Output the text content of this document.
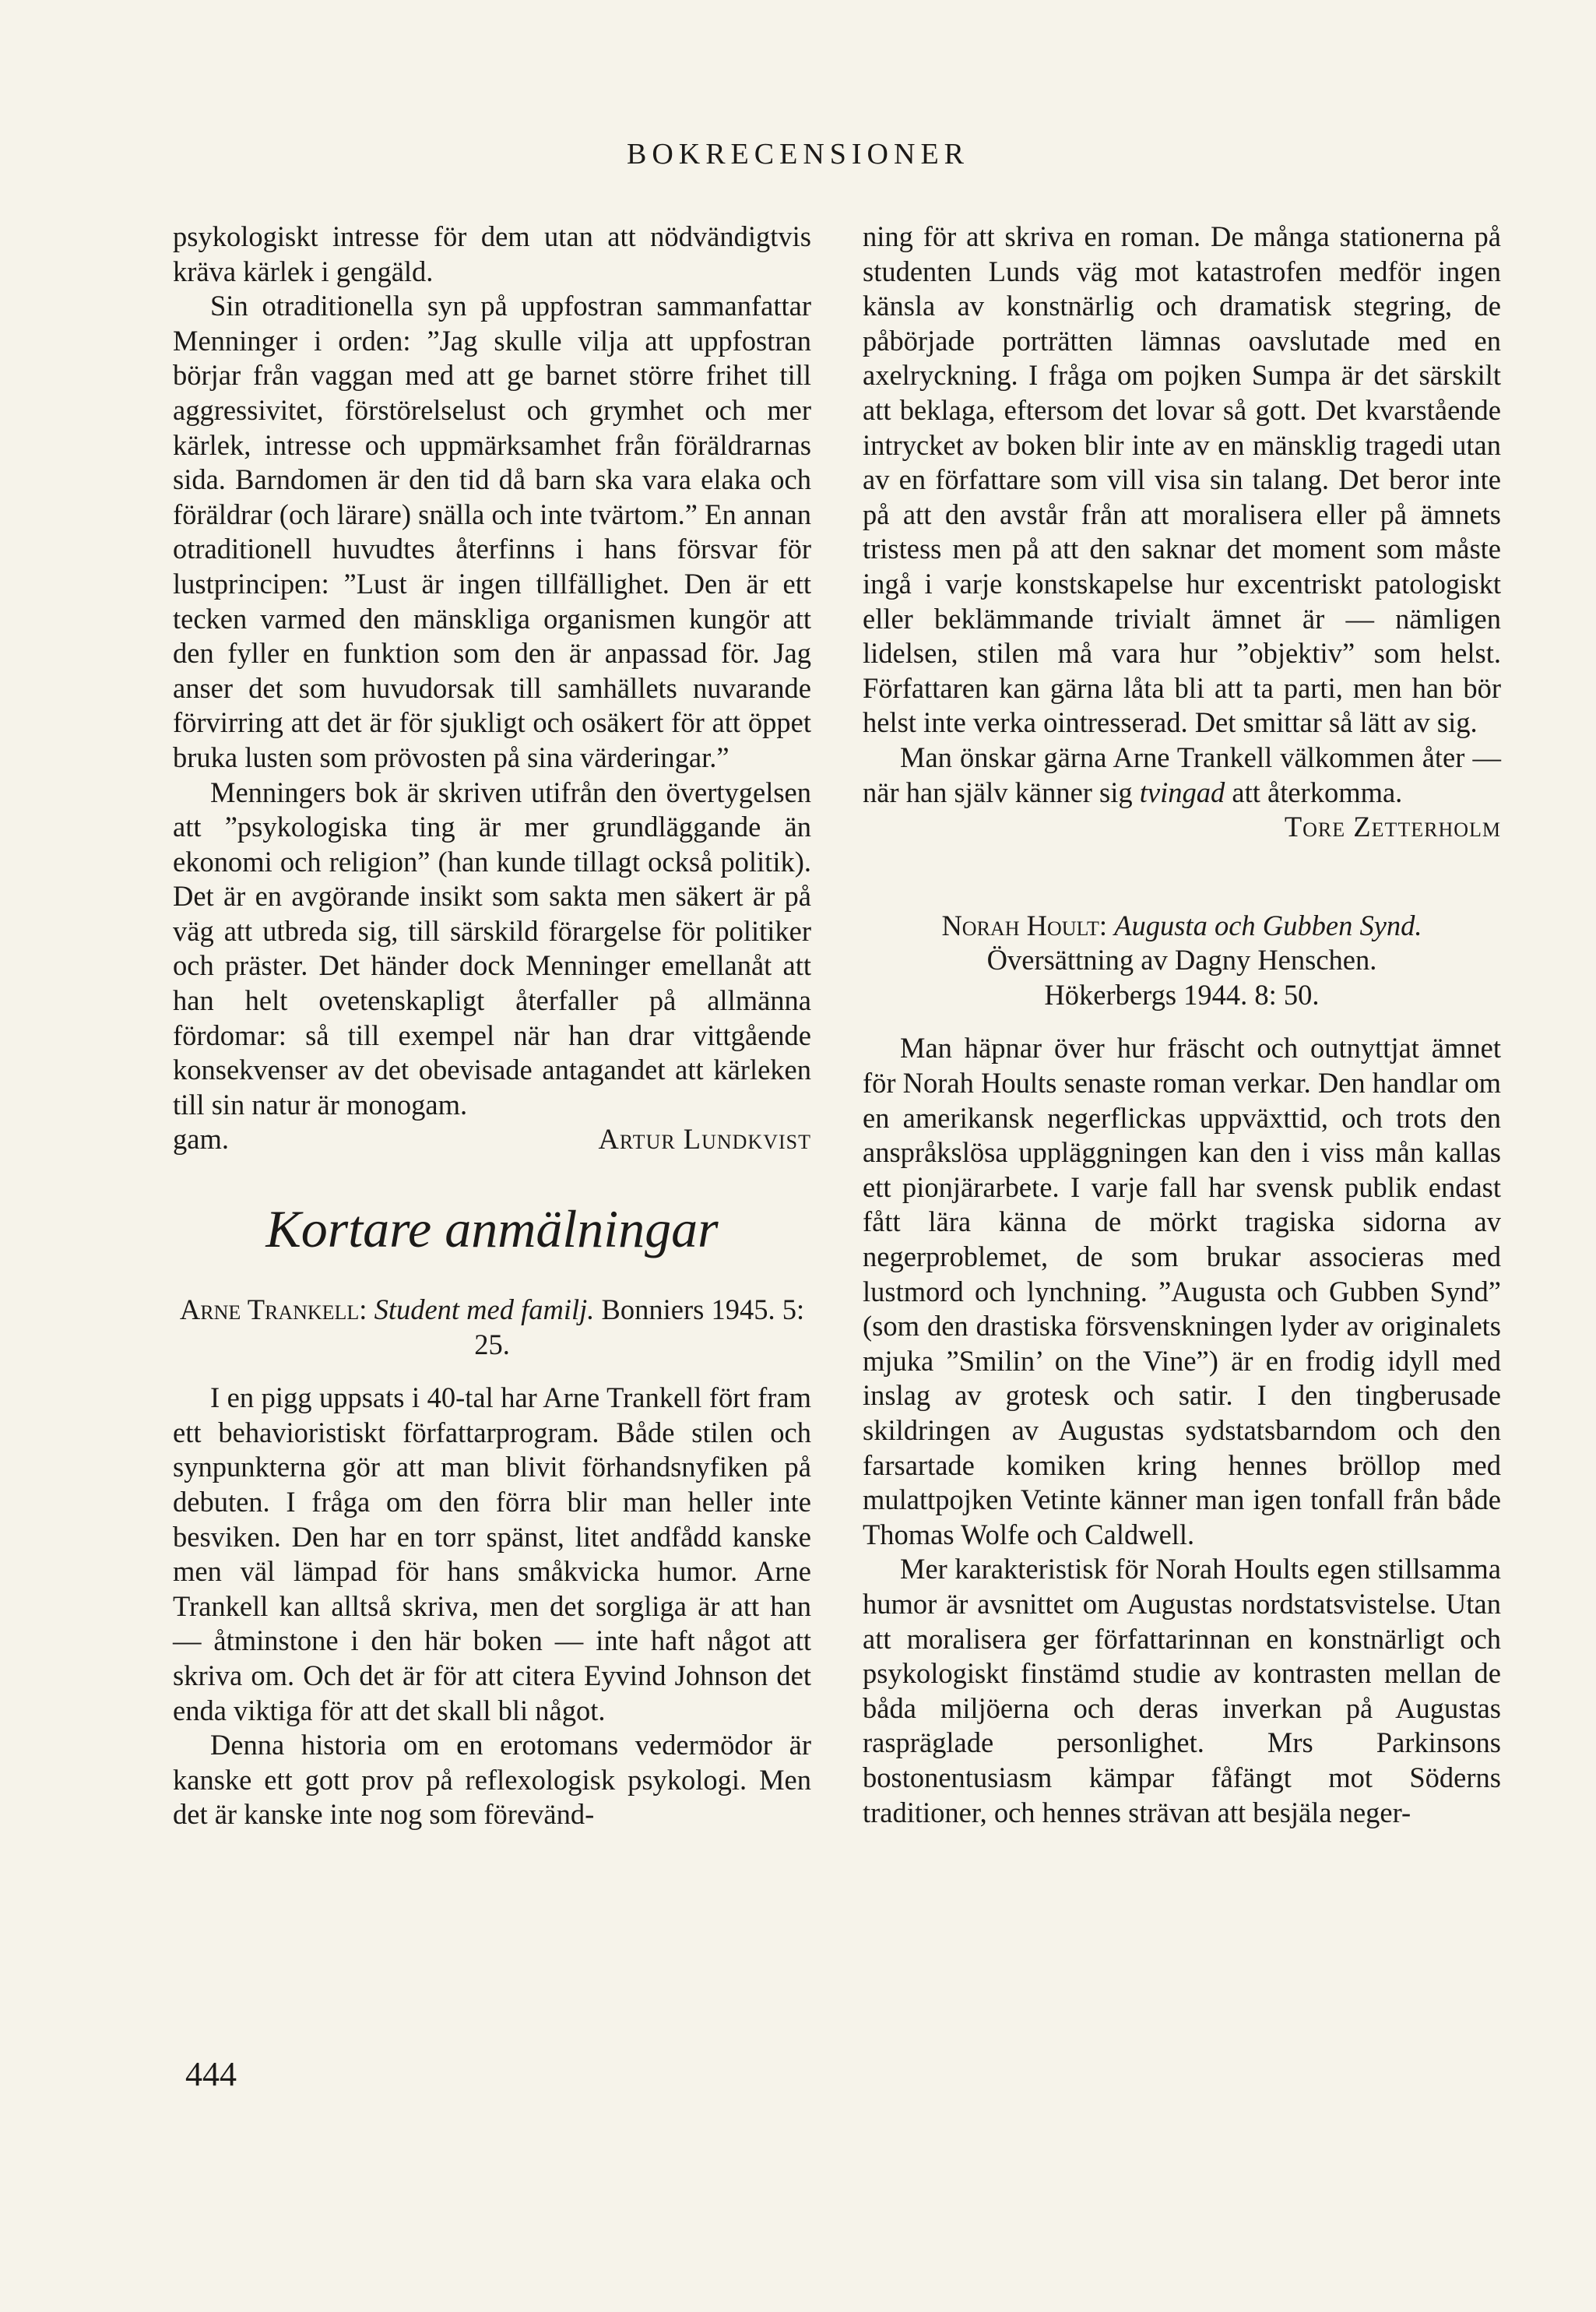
BOKRECENSIONER

psykologiskt intresse för dem utan att nödvändigtvis kräva kärlek i gengäld.

Sin otraditionella syn på uppfostran sammanfattar Menninger i orden: ”Jag skulle vilja att uppfostran börjar från vaggan med att ge barnet större frihet till aggressivitet, förstörelselust och grymhet och mer kärlek, intresse och uppmärksamhet från föräldrarnas sida. Barndomen är den tid då barn ska vara elaka och föräldrar (och lärare) snälla och inte tvärtom.” En annan otraditionell huvudtes återfinns i hans försvar för lustprincipen: ”Lust är ingen tillfällighet. Den är ett tecken varmed den mänskliga organismen kungör att den fyller en funktion som den är anpassad för. Jag anser det som huvudorsak till samhällets nuvarande förvirring att det är för sjukligt och osäkert för att öppet bruka lusten som prövosten på sina värderingar.”

Menningers bok är skriven utifrån den övertygelsen att ”psykologiska ting är mer grundläggande än ekonomi och religion” (han kunde tillagt också politik). Det är en avgörande insikt som sakta men säkert är på väg att utbreda sig, till särskild förargelse för politiker och präster. Det händer dock Menninger emellanåt att han helt ovetenskapligt återfaller på allmänna fördomar: så till exempel när han drar vittgående konsekvenser av det obevisade antagandet att kärleken till sin natur är monogam.

gam.	Artur Lundkvist
Kortare anmälningar
Arne Trankell: Student med familj. Bonniers 1945. 5: 25.

I en pigg uppsats i 40-tal har Arne Trankell fört fram ett behavioristiskt författarprogram. Både stilen och synpunkterna gör att man blivit förhandsnyfiken på debuten. I fråga om den förra blir man heller inte besviken. Den har en torr spänst, litet andfådd kanske men väl lämpad för hans småkvicka humor. Arne Trankell kan alltså skriva, men det sorgliga är att han — åtminstone i den här boken — inte haft något att skriva om. Och det är för att citera Eyvind Johnson det enda viktiga för att det skall bli något.

Denna historia om en erotomans vedermödor är kanske ett gott prov på reflexologisk psykologi. Men det är kanske inte nog som förevänd-

ning för att skriva en roman. De många stationerna på studenten Lunds väg mot katastrofen medför ingen känsla av konstnärlig och dramatisk stegring, de påbörjade porträtten lämnas oavslutade med en axelryckning. I fråga om pojken Sumpa är det särskilt att beklaga, eftersom det lovar så gott. Det kvarstående intrycket av boken blir inte av en mänsklig tragedi utan av en författare som vill visa sin talang. Det beror inte på att den avstår från att moralisera eller på ämnets tristess men på att den saknar det moment som måste ingå i varje konstskapelse hur excentriskt patologiskt eller beklämmande trivialt ämnet är — nämligen lidelsen, stilen må vara hur ”objektiv” som helst. Författaren kan gärna låta bli att ta parti, men han bör helst inte verka ointresserad. Det smittar så lätt av sig.

Man önskar gärna Arne Trankell välkommen åter — när han själv känner sig tvingad att återkomma.

Tore Zetterholm
Norah Hoult: Augusta och Gubben Synd.
Översättning av Dagny Henschen.
Hökerbergs 1944. 8: 50.

Man häpnar över hur fräscht och outnyttjat ämnet för Norah Hoults senaste roman verkar. Den handlar om en amerikansk negerflickas uppväxttid, och trots den anspråkslösa uppläggningen kan den i viss mån kallas ett pionjärarbete. I varje fall har svensk publik endast fått lära känna de mörkt tragiska sidorna av negerproblemet, de som brukar associeras med lustmord och lynchning. ”Augusta och Gubben Synd” (som den drastiska försvenskningen lyder av originalets mjuka ”Smilin’ on the Vine”) är en frodig idyll med inslag av grotesk och satir. I den tingberusade skildringen av Augustas sydstatsbarndom och den farsartade komiken kring hennes bröllop med mulattpojken Vetinte känner man igen tonfall från både Thomas Wolfe och Caldwell.

Mer karakteristisk för Norah Hoults egen stillsamma humor är avsnittet om Augustas nordstatsvistelse. Utan att moralisera ger författarinnan en konstnärligt och psykologiskt finstämd studie av kontrasten mellan de båda miljöerna och deras inverkan på Augustas raspräglade personlighet. Mrs Parkinsons bostonentusiasm kämpar fåfängt mot Söderns traditioner, och hennes strävan att besjäla neger-

444
